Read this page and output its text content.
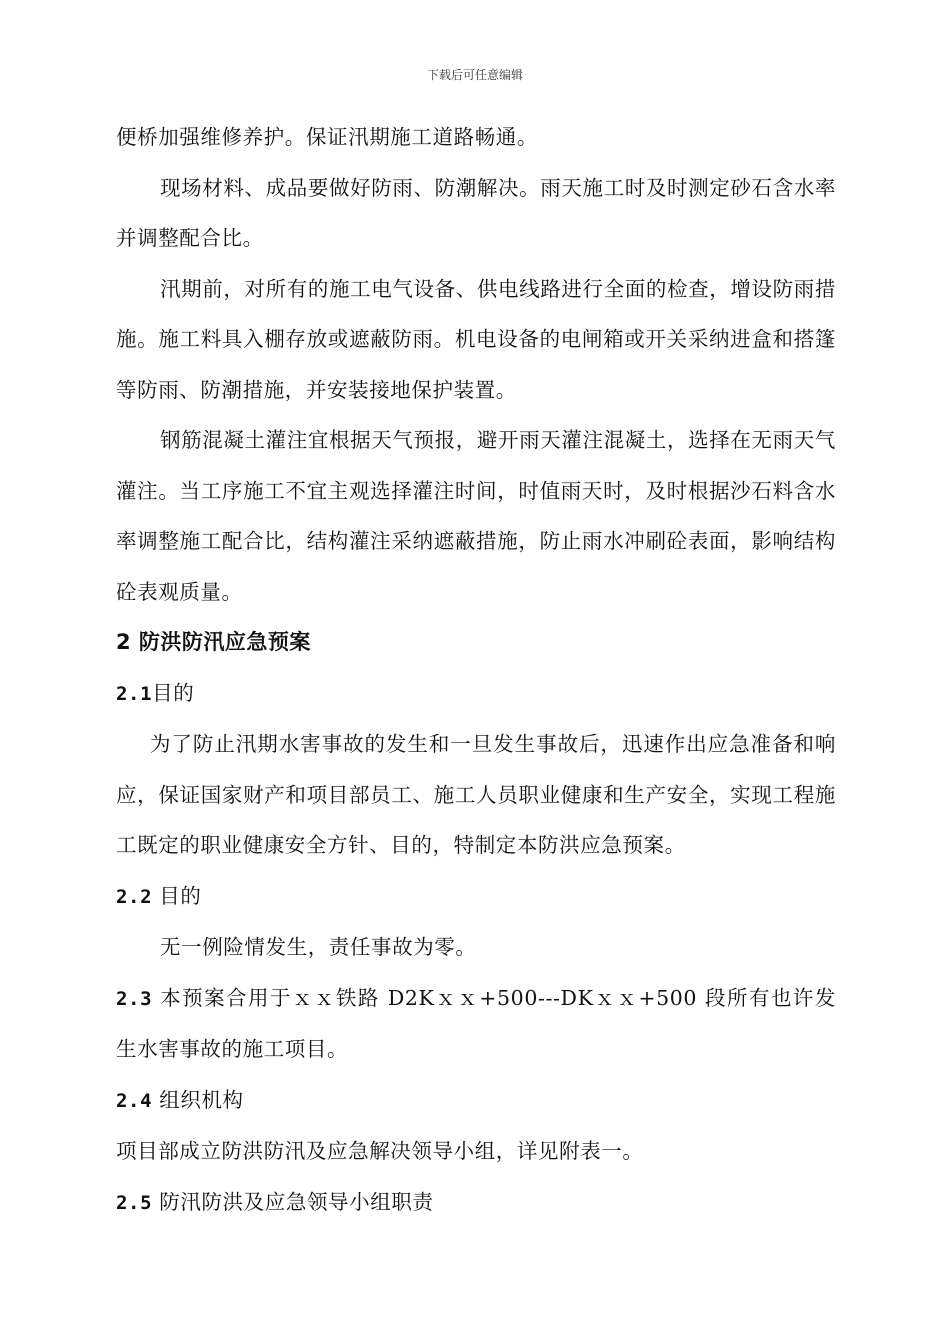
下载后可任意编辑

便桥加强维修养护。保证汛期施工道路畅通。

现场材料、成品要做好防雨、防潮解决。雨天施工时及时测定砂石含水率并调整配合比。

汛期前，对所有的施工电气设备、供电线路进行全面的检查，增设防雨措施。施工料具入棚存放或遮蔽防雨。机电设备的电闸箱或开关采纳进盒和搭篷等防雨、防潮措施，并安装接地保护装置。

钢筋混凝土灌注宜根据天气预报，避开雨天灌注混凝土，选择在无雨天气灌注。当工序施工不宜主观选择灌注时间，时值雨天时，及时根据沙石料含水率调整施工配合比，结构灌注采纳遮蔽措施，防止雨水冲刷砼表面，影响结构砼表观质量。

2 防洪防汛应急预案

2.1目的

为了防止汛期水害事故的发生和一旦发生事故后，迅速作出应急准备和响应，保证国家财产和项目部员工、施工人员职业健康和生产安全，实现工程施工既定的职业健康安全方针、目的，特制定本防洪应急预案。

2.2 目的

无一例险情发生，责任事故为零。

2.3 本预案合用于ｘｘ铁路 D2Kｘｘ+500---DKｘｘ+500 段所有也许发生水害事故的施工项目。

2.4 组织机构

项目部成立防洪防汛及应急解决领导小组，详见附表一。

2.5 防汛防洪及应急领导小组职责
